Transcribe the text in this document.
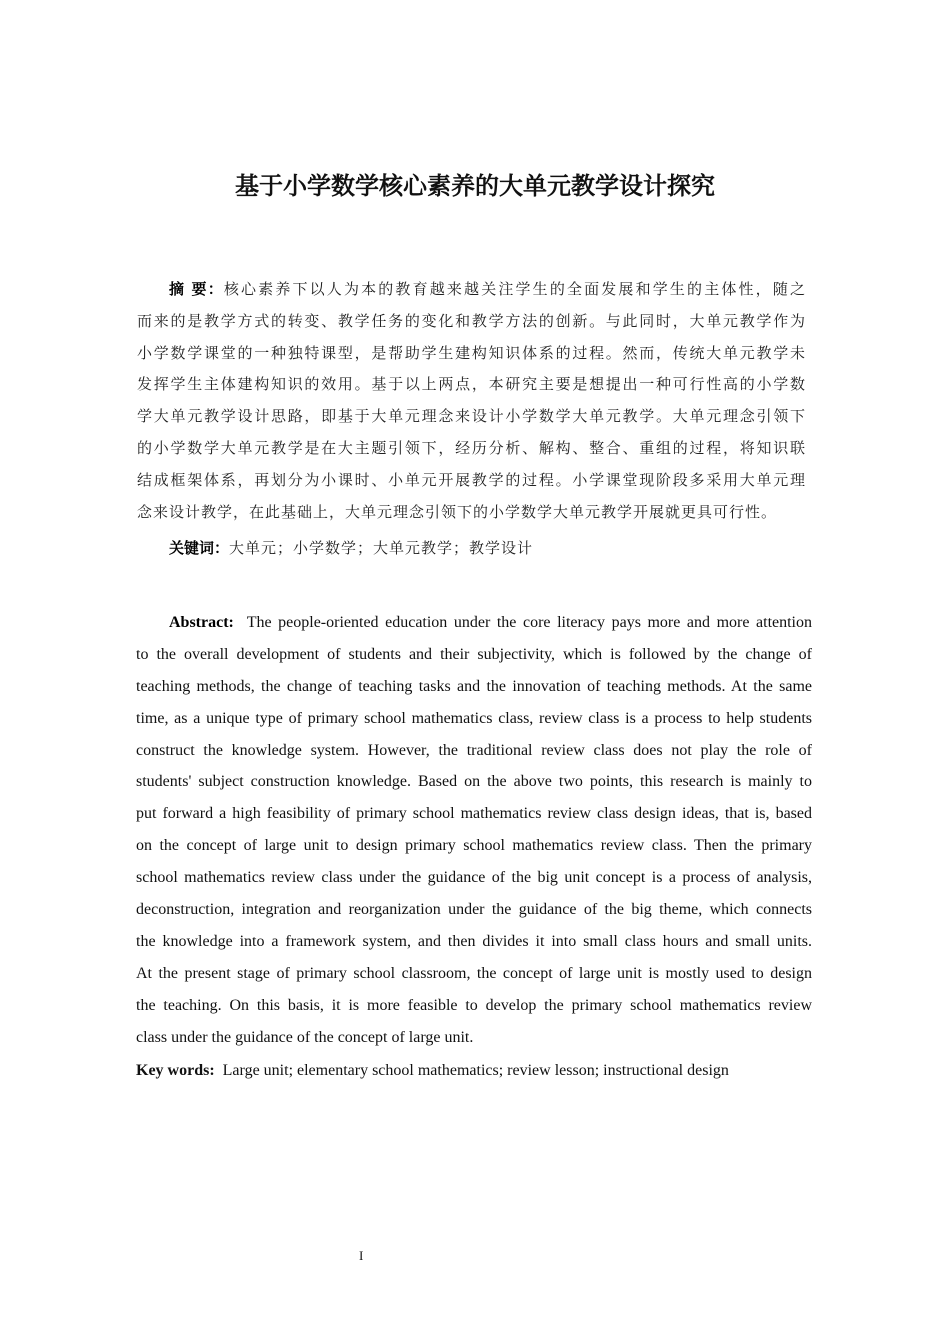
基于小学数学核心素养的大单元教学设计探究
摘 要：核心素养下以人为本的教育越来越关注学生的全面发展和学生的主体性，随之
而来的是教学方式的转变、教学任务的变化和教学方法的创新。与此同时，大单元教学作为
小学数学课堂的一种独特课型，是帮助学生建构知识体系的过程。然而，传统大单元教学未
发挥学生主体建构知识的效用。基于以上两点，本研究主要是想提出一种可行性高的小学数
学大单元教学设计思路，即基于大单元理念来设计小学数学大单元教学。大单元理念引领下
的小学数学大单元教学是在大主题引领下，经历分析、解构、整合、重组的过程，将知识联
结成框架体系，再划分为小课时、小单元开展教学的过程。小学课堂现阶段多采用大单元理
念来设计教学，在此基础上，大单元理念引领下的小学数学大单元教学开展就更具可行性。
关键词：大单元；小学数学；大单元教学；教学设计
Abstract: The people-oriented education under the core literacy pays more and more attention
to the overall development of students and their subjectivity, which is followed by the change of
teaching methods, the change of teaching tasks and the innovation of teaching methods. At the same
time, as a unique type of primary school mathematics class, review class is a process to help students
construct the knowledge system. However, the traditional review class does not play the role of
students' subject construction knowledge. Based on the above two points, this research is mainly to
put forward a high feasibility of primary school mathematics review class design ideas, that is, based
on the concept of large unit to design primary school mathematics review class. Then the primary
school mathematics review class under the guidance of the big unit concept is a process of analysis,
deconstruction, integration and reorganization under the guidance of the big theme, which connects
the knowledge into a framework system, and then divides it into small class hours and small units.
At the present stage of primary school classroom, the concept of large unit is mostly used to design
the teaching. On this basis, it is more feasible to develop the primary school mathematics review
class under the guidance of the concept of large unit.
Key words: Large unit; elementary school mathematics; review lesson; instructional design
I
